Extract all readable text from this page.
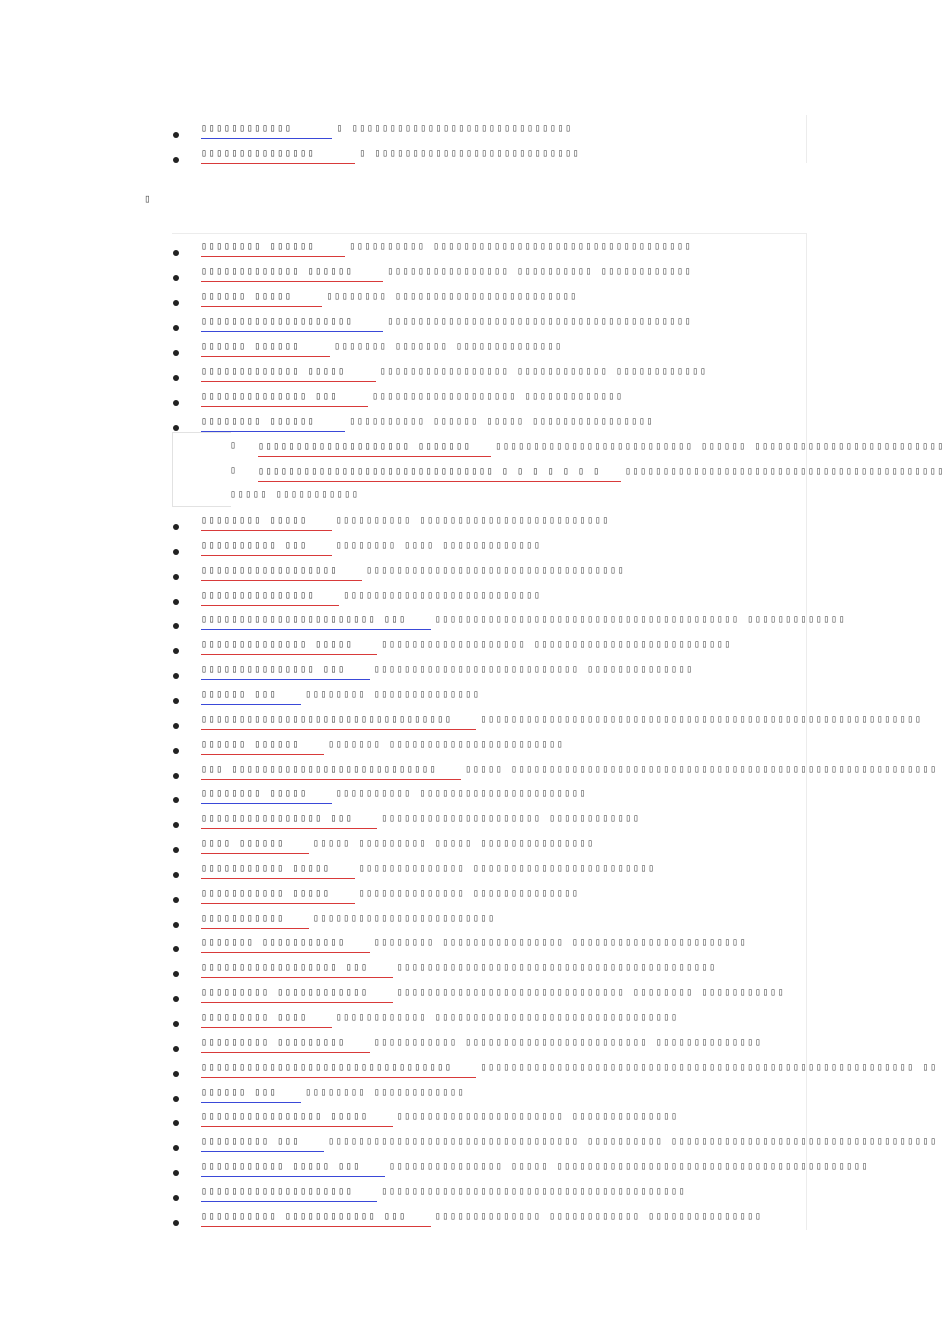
▯
▯▯▯▯▯▯▯▯▯▯▯▯	▯ ▯▯▯▯▯▯▯▯▯▯▯▯▯▯▯▯▯▯▯▯▯▯▯▯▯▯▯▯▯
▯▯▯▯▯▯▯▯▯▯▯▯▯▯▯	▯ ▯▯▯▯▯▯▯▯▯▯▯▯▯▯▯▯▯▯▯▯▯▯▯▯▯▯▯
▯▯▯▯▯▯▯▯ ▯▯▯▯▯▯	▯▯▯▯▯▯▯▯▯▯ ▯▯▯▯▯▯▯▯▯▯▯▯▯▯▯▯▯▯▯▯▯▯▯▯▯▯▯▯▯▯▯▯▯▯
▯▯▯▯▯▯▯▯▯▯▯▯▯ ▯▯▯▯▯▯	▯▯▯▯▯▯▯▯▯▯▯▯▯▯▯▯ ▯▯▯▯▯▯▯▯▯▯ ▯▯▯▯▯▯▯▯▯▯▯▯
▯▯▯▯▯▯ ▯▯▯▯▯	▯▯▯▯▯▯▯▯ ▯▯▯▯▯▯▯▯▯▯▯▯▯▯▯▯▯▯▯▯▯▯▯▯
▯▯▯▯▯▯▯▯▯▯▯▯▯▯▯▯▯▯▯▯	▯▯▯▯▯▯▯▯▯▯▯▯▯▯▯▯▯▯▯▯▯▯▯▯▯▯▯▯▯▯▯▯▯▯▯▯▯▯▯▯
▯▯▯▯▯▯ ▯▯▯▯▯▯	▯▯▯▯▯▯▯ ▯▯▯▯▯▯▯ ▯▯▯▯▯▯▯▯▯▯▯▯▯▯
▯▯▯▯▯▯▯▯▯▯▯▯▯ ▯▯▯▯▯	▯▯▯▯▯▯▯▯▯▯▯▯▯▯▯▯▯ ▯▯▯▯▯▯▯▯▯▯▯▯ ▯▯▯▯▯▯▯▯▯▯▯▯
▯▯▯▯▯▯▯▯▯▯▯▯▯▯ ▯▯▯	▯▯▯▯▯▯▯▯▯▯▯▯▯▯▯▯▯▯▯ ▯▯▯▯▯▯▯▯▯▯▯▯▯
▯▯▯▯▯▯▯▯ ▯▯▯▯▯▯	▯▯▯▯▯▯▯▯▯▯ ▯▯▯▯▯▯ ▯▯▯▯▯ ▯▯▯▯▯▯▯▯▯▯▯▯▯▯▯▯
▯ ▯▯▯▯▯▯▯▯▯▯▯▯▯▯▯▯▯▯▯▯ ▯▯▯▯▯▯▯	▯▯▯▯▯▯▯▯▯▯▯▯▯▯▯▯▯▯▯▯▯▯▯▯▯▯ ▯▯▯▯▯▯ ▯▯▯▯▯▯▯▯▯▯▯▯▯▯▯▯▯▯▯▯▯▯▯▯▯
▯ ▯▯▯▯▯▯▯▯▯▯▯▯▯▯▯▯▯▯▯▯▯▯▯▯▯▯▯▯▯▯▯ ▯ ▯ ▯ ▯ ▯ ▯ ▯	▯▯▯▯▯▯▯▯▯▯▯▯▯▯▯▯▯▯▯▯▯▯▯▯▯▯▯▯▯▯▯▯▯▯▯▯▯▯▯▯▯▯
▯▯▯▯▯ ▯▯▯▯▯▯▯▯▯▯▯
▯▯▯▯▯▯▯▯ ▯▯▯▯▯	▯▯▯▯▯▯▯▯▯▯ ▯▯▯▯▯▯▯▯▯▯▯▯▯▯▯▯▯▯▯▯▯▯▯▯▯
▯▯▯▯▯▯▯▯▯▯ ▯▯▯	▯▯▯▯▯▯▯▯ ▯▯▯▯ ▯▯▯▯▯▯▯▯▯▯▯▯▯
▯▯▯▯▯▯▯▯▯▯▯▯▯▯▯▯▯▯	▯▯▯▯▯▯▯▯▯▯▯▯▯▯▯▯▯▯▯▯▯▯▯▯▯▯▯▯▯▯▯▯▯▯
▯▯▯▯▯▯▯▯▯▯▯▯▯▯▯	▯▯▯▯▯▯▯▯▯▯▯▯▯▯▯▯▯▯▯▯▯▯▯▯▯▯
▯▯▯▯▯▯▯▯▯▯▯▯▯▯▯▯▯▯▯▯▯▯▯ ▯▯▯	▯▯▯▯▯▯▯▯▯▯▯▯▯▯▯▯▯▯▯▯▯▯▯▯▯▯▯▯▯▯▯▯▯▯▯▯▯▯▯▯ ▯▯▯▯▯▯▯▯▯▯▯▯▯
▯▯▯▯▯▯▯▯▯▯▯▯▯▯ ▯▯▯▯▯	▯▯▯▯▯▯▯▯▯▯▯▯▯▯▯▯▯▯▯ ▯▯▯▯▯▯▯▯▯▯▯▯▯▯▯▯▯▯▯▯▯▯▯▯▯▯
▯▯▯▯▯▯▯▯▯▯▯▯▯▯▯ ▯▯▯	▯▯▯▯▯▯▯▯▯▯▯▯▯▯▯▯▯▯▯▯▯▯▯▯▯▯▯ ▯▯▯▯▯▯▯▯▯▯▯▯▯▯
▯▯▯▯▯▯ ▯▯▯	▯▯▯▯▯▯▯▯ ▯▯▯▯▯▯▯▯▯▯▯▯▯▯
▯▯▯▯▯▯▯▯▯▯▯▯▯▯▯▯▯▯▯▯▯▯▯▯▯▯▯▯▯▯▯▯▯	▯▯▯▯▯▯▯▯▯▯▯▯▯▯▯▯▯▯▯▯▯▯▯▯▯▯▯▯▯▯▯▯▯▯▯▯▯▯▯▯▯▯▯▯▯▯▯▯▯▯▯▯▯▯▯▯▯▯
▯▯▯▯▯▯ ▯▯▯▯▯▯	▯▯▯▯▯▯▯ ▯▯▯▯▯▯▯▯▯▯▯▯▯▯▯▯▯▯▯▯▯▯▯
▯▯▯ ▯▯▯▯▯▯▯▯▯▯▯▯▯▯▯▯▯▯▯▯▯▯▯▯▯▯▯	▯▯▯▯▯ ▯▯▯▯▯▯▯▯▯▯▯▯▯▯▯▯▯▯▯▯▯▯▯▯▯▯▯▯▯▯▯▯▯▯▯▯▯▯▯▯▯▯▯▯▯▯▯▯▯▯▯▯▯▯▯▯
▯▯▯▯▯▯▯▯ ▯▯▯▯▯	▯▯▯▯▯▯▯▯▯▯ ▯▯▯▯▯▯▯▯▯▯▯▯▯▯▯▯▯▯▯▯▯▯
▯▯▯▯▯▯▯▯▯▯▯▯▯▯▯▯ ▯▯▯	▯▯▯▯▯▯▯▯▯▯▯▯▯▯▯▯▯▯▯▯▯ ▯▯▯▯▯▯▯▯▯▯▯▯
▯▯▯▯ ▯▯▯▯▯▯	▯▯▯▯▯ ▯▯▯▯▯▯▯▯▯ ▯▯▯▯▯ ▯▯▯▯▯▯▯▯▯▯▯▯▯▯▯
▯▯▯▯▯▯▯▯▯▯▯ ▯▯▯▯▯	▯▯▯▯▯▯▯▯▯▯▯▯▯▯ ▯▯▯▯▯▯▯▯▯▯▯▯▯▯▯▯▯▯▯▯▯▯▯▯
▯▯▯▯▯▯▯▯▯▯▯ ▯▯▯▯▯	▯▯▯▯▯▯▯▯▯▯▯▯▯▯ ▯▯▯▯▯▯▯▯▯▯▯▯▯▯
▯▯▯▯▯▯▯▯▯▯▯	▯▯▯▯▯▯▯▯▯▯▯▯▯▯▯▯▯▯▯▯▯▯▯▯
▯▯▯▯▯▯▯ ▯▯▯▯▯▯▯▯▯▯▯	▯▯▯▯▯▯▯▯ ▯▯▯▯▯▯▯▯▯▯▯▯▯▯▯▯ ▯▯▯▯▯▯▯▯▯▯▯▯▯▯▯▯▯▯▯▯▯▯▯
▯▯▯▯▯▯▯▯▯▯▯▯▯▯▯▯▯▯ ▯▯▯	▯▯▯▯▯▯▯▯▯▯▯▯▯▯▯▯▯▯▯▯▯▯▯▯▯▯▯▯▯▯▯▯▯▯▯▯▯▯▯▯▯▯
▯▯▯▯▯▯▯▯▯ ▯▯▯▯▯▯▯▯▯▯▯▯	▯▯▯▯▯▯▯▯▯▯▯▯▯▯▯▯▯▯▯▯▯▯▯▯▯▯▯▯▯▯ ▯▯▯▯▯▯▯▯ ▯▯▯▯▯▯▯▯▯▯▯
▯▯▯▯▯▯▯▯▯ ▯▯▯▯	▯▯▯▯▯▯▯▯▯▯▯▯ ▯▯▯▯▯▯▯▯▯▯▯▯▯▯▯▯▯▯▯▯▯▯▯▯▯▯▯▯▯▯▯▯
▯▯▯▯▯▯▯▯▯ ▯▯▯▯▯▯▯▯▯	▯▯▯▯▯▯▯▯▯▯▯ ▯▯▯▯▯▯▯▯▯▯▯▯▯▯▯▯▯▯▯▯▯▯▯▯ ▯▯▯▯▯▯▯▯▯▯▯▯▯▯
▯▯▯▯▯▯▯▯▯▯▯▯▯▯▯▯▯▯▯▯▯▯▯▯▯▯▯▯▯▯▯▯▯	▯▯▯▯▯▯▯▯▯▯▯▯▯▯▯▯▯▯▯▯▯▯▯▯▯▯▯▯▯▯▯▯▯▯▯▯▯▯▯▯▯▯▯▯▯▯▯▯▯▯▯▯▯▯▯▯▯ ▯▯
▯▯▯▯▯▯ ▯▯▯	▯▯▯▯▯▯▯▯ ▯▯▯▯▯▯▯▯▯▯▯▯
▯▯▯▯▯▯▯▯▯▯▯▯▯▯▯▯ ▯▯▯▯▯	▯▯▯▯▯▯▯▯▯▯▯▯▯▯▯▯▯▯▯▯▯▯ ▯▯▯▯▯▯▯▯▯▯▯▯▯▯
▯▯▯▯▯▯▯▯▯ ▯▯▯	▯▯▯▯▯▯▯▯▯▯▯▯▯▯▯▯▯▯▯▯▯▯▯▯▯▯▯▯▯▯▯▯▯ ▯▯▯▯▯▯▯▯▯▯ ▯▯▯▯▯▯▯▯▯▯▯▯▯▯▯▯▯▯▯▯▯▯▯▯▯▯▯▯▯▯▯▯▯▯▯
▯▯▯▯▯▯▯▯▯▯▯ ▯▯▯▯▯ ▯▯▯	▯▯▯▯▯▯▯▯▯▯▯▯▯▯▯ ▯▯▯▯▯ ▯▯▯▯▯▯▯▯▯▯▯▯▯▯▯▯▯▯▯▯▯▯▯▯▯▯▯▯▯▯▯▯▯▯▯▯▯▯▯▯▯
▯▯▯▯▯▯▯▯▯▯▯▯▯▯▯▯▯▯▯▯	▯▯▯▯▯▯▯▯▯▯▯▯▯▯▯▯▯▯▯▯▯▯▯▯▯▯▯▯▯▯▯▯▯▯▯▯▯▯▯▯
▯▯▯▯▯▯▯▯▯▯ ▯▯▯▯▯▯▯▯▯▯▯▯ ▯▯▯	▯▯▯▯▯▯▯▯▯▯▯▯▯▯ ▯▯▯▯▯▯▯▯▯▯▯▯ ▯▯▯▯▯▯▯▯▯▯▯▯▯▯▯
